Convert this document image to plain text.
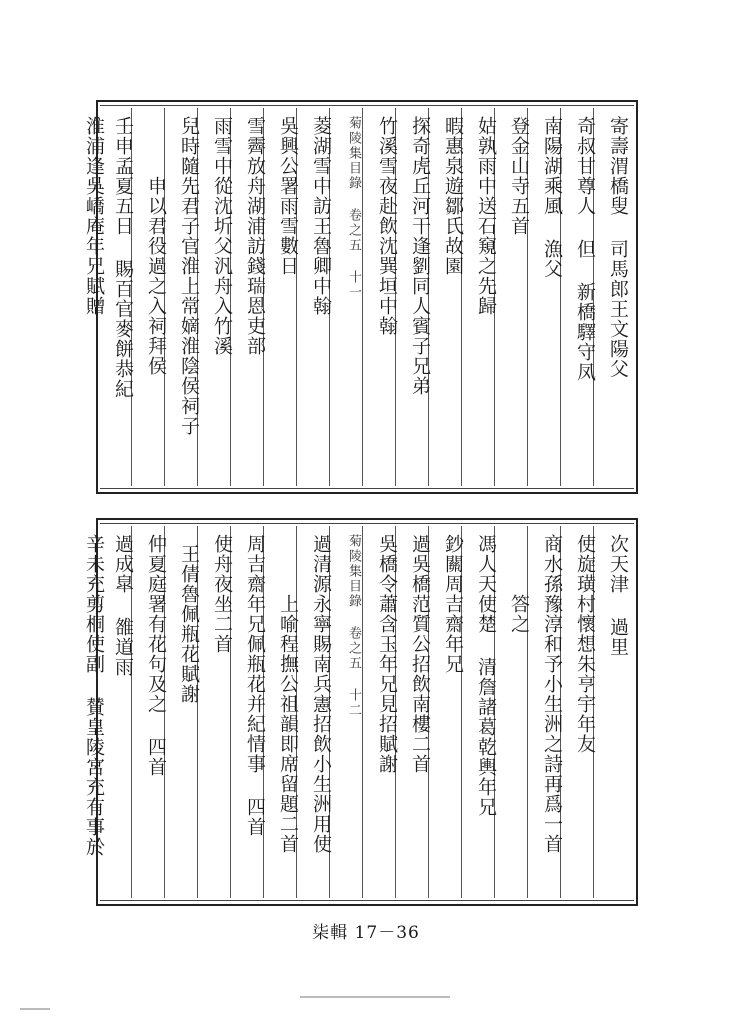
寄壽渭橋叟 司馬郎王文陽父
奇叔甘尊人 但 新橋驛守凤
南陽湖乘風 漁父
登金山寺五首
姑孰雨中送石窺之先歸
暇惠泉遊鄒氏故園
探奇虎丘河干逢劉同人賓子兄弟
竹溪雪夜赴飲沈巽垣中翰
菊陵集目錄 卷之五 十一
菱湖雪中訪王魯卿中翰
吳興公署雨雪數日
雪霽放舟湖浦訪錢瑞恩吏部
雨雪中從沈圻父汎舟入竹溪
兒時隨先君子官淮上常嫡淮陰侯祠子
申以君役過之入祠拜侯
壬申孟夏五日 賜百官麥餅恭紀
淮浦逢吳嶠庵年兄賦贈
次天津 過里
使旋璜村懷想朱亨宇年友
商水孫豫淳和予小生洲之詩再爲一首
答之
馮人天使楚 清詹諸葛乾輿年兄
鈔關周吉齋年兄
過吳橋范質公招飲南樓二首
吳橋令蕭含玉年兄見招賦謝
菊陵集目錄 卷之五 十二
過清源永寧賜南兵憲招飲小生洲用使
上喻程撫公祖韻即席留題二首
周吉齋年兄佩瓶花并紀情事 四首
使舟夜坐二首
王倩魯佩瓶花賦謝
仲夏庭署有花句及之 四首
過成皐 雒道雨
辛未充剪桐使副 賛皇陵宮充有事於
柒輯 17－36
